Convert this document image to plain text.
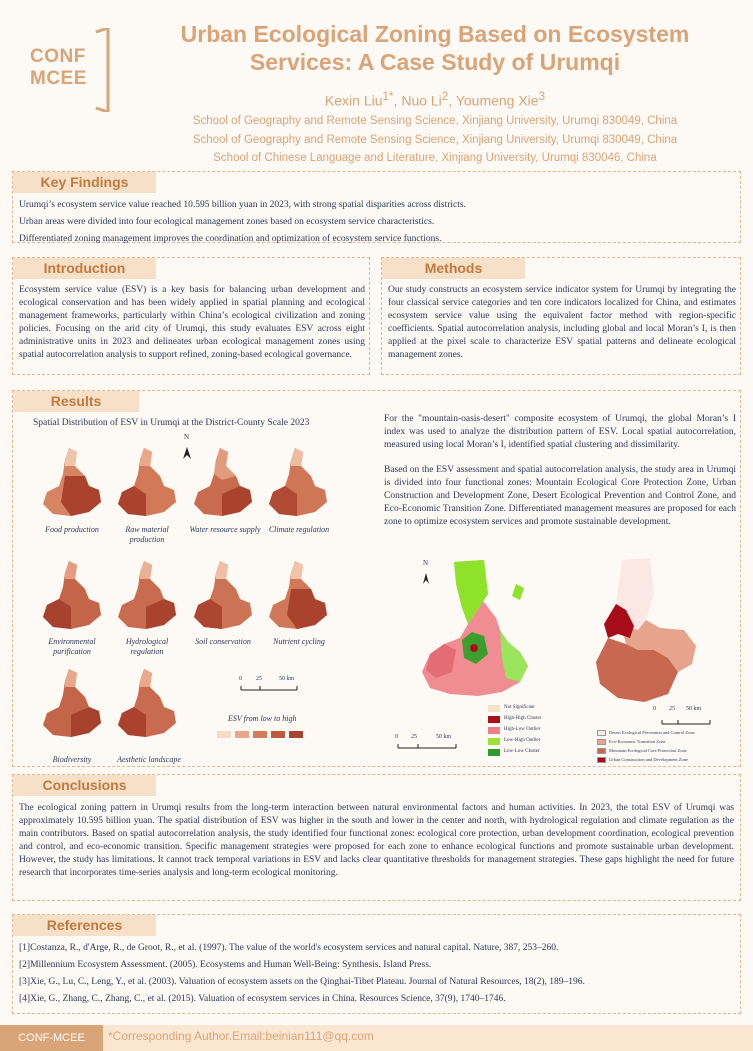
CONF
MCEE
Urban Ecological Zoning Based on Ecosystem Services: A Case Study of Urumqi
Kexin Liu$^{1*}$, Nuo Li$^2$, Youmeng Xie$^3$
School of Geography and Remote Sensing Science, Xinjiang University, Urumqi 830049, China
School of Geography and Remote Sensing Science, Xinjiang University, Urumqi 830049, China
School of Chinese Language and Literature, Xinjiang University, Urumqi 830046, China
Key Findings
Urumqi’s ecosystem service value reached 10.595 billion yuan in 2023, with strong spatial disparities across districts.
Urban areas were divided into four ecological management zones based on ecosystem service characteristics.
Differentiated zoning management improves the coordination and optimization of ecosystem service functions.
Introduction
Ecosystem service value (ESV) is a key basis for balancing urban development and ecological conservation and has been widely applied in spatial planning and ecological management frameworks, particularly within China’s ecological civilization and zoning policies. Focusing on the arid city of Urumqi, this study evaluates ESV across eight administrative units in 2023 and delineates urban ecological management zones using spatial autocorrelation analysis to support refined, zoning-based ecological governance.
Methods
Our study constructs an ecosystem service indicator system for Urumqi by integrating the four classical service categories and ten core indicators localized for China, and estimates ecosystem service value using the equivalent factor method with region-specific coefficients. Spatial autocorrelation analysis, including global and local Moran’s I, is then applied at the pixel scale to characterize ESV spatial patterns and delineate ecological management zones.
Results
Spatial Distribution of ESV in Urumqi at the District-County Scale 2023
N
Food production	Raw material production
Water resource supply	Climate regulation
Environmental purification
Hydrological regulation
Soil conservation	Nutrient cycling
Biodiversity	Aesthetic landscape
0 25	50 km
ESV from low to high
For the "mountain-oasis-desert" composite ecosystem of Urumqi, the global Moran’s I index was used to analyze the distribution pattern of ESV. Local spatial autocorrelation, measured using local Moran’s I, identified spatial clustering and dissimilarity.
Based on the ESV assessment and spatial autocorrelation analysis, the study area in Urumqi is divided into four functional zones: Mountain Ecological Core Protection Zone, Urban Construction and Development Zone, Desert Ecological Prevention and Control Zone, and Eco-Economic Transition Zone. Differentiated management measures are proposed for each zone to optimize ecosystem services and promote sustainable development.
N
Not Significant
High-High Cluster
High-Low Outlier
Low-High Outlier
Low-Low Cluster
0 25	50 km
0 25 50 km
Desert Ecological Prevention and Control Zone
Eco-Economic Transition Zone
Mountain Ecological Core Protection Zone
Urban Construction and Development Zone
Conclusions
The ecological zoning pattern in Urumqi results from the long-term interaction between natural environmental factors and human activities. In 2023, the total ESV of Urumqi was approximately 10.595 billion yuan. The spatial distribution of ESV was higher in the south and lower in the center and north, with hydrological regulation and climate regulation as the main contributors. Based on spatial autocorrelation analysis, the study identified four functional zones: ecological core protection, urban development coordination, ecological prevention and control, and eco-economic transition. Specific management strategies were proposed for each zone to enhance ecological functions and promote sustainable urban development. However, the study has limitations. It cannot track temporal variations in ESV and lacks clear quantitative thresholds for management strategies. These gaps highlight the need for future research that incorporates time-series analysis and long-term ecological monitoring.
References
[1]Costanza, R., d'Arge, R., de Groot, R., et al. (1997). The value of the world's ecosystem services and natural capital. Nature, 387, 253–260.
[2]Millennium Ecosystem Assessment. (2005). Ecosystems and Human Well-Being: Synthesis. Island Press.
[3]Xie, G., Lu, C., Leng, Y., et al. (2003). Valuation of ecosystem assets on the Qinghai-Tibet Plateau. Journal of Natural Resources, 18(2), 189–196.
[4]Xie, G., Zhang, C., Zhang, C., et al. (2015). Valuation of ecosystem services in China. Resources Science, 37(9), 1740–1746.
CONF-MCEE	*Corresponding Author.Email:beinian111@qq.com
